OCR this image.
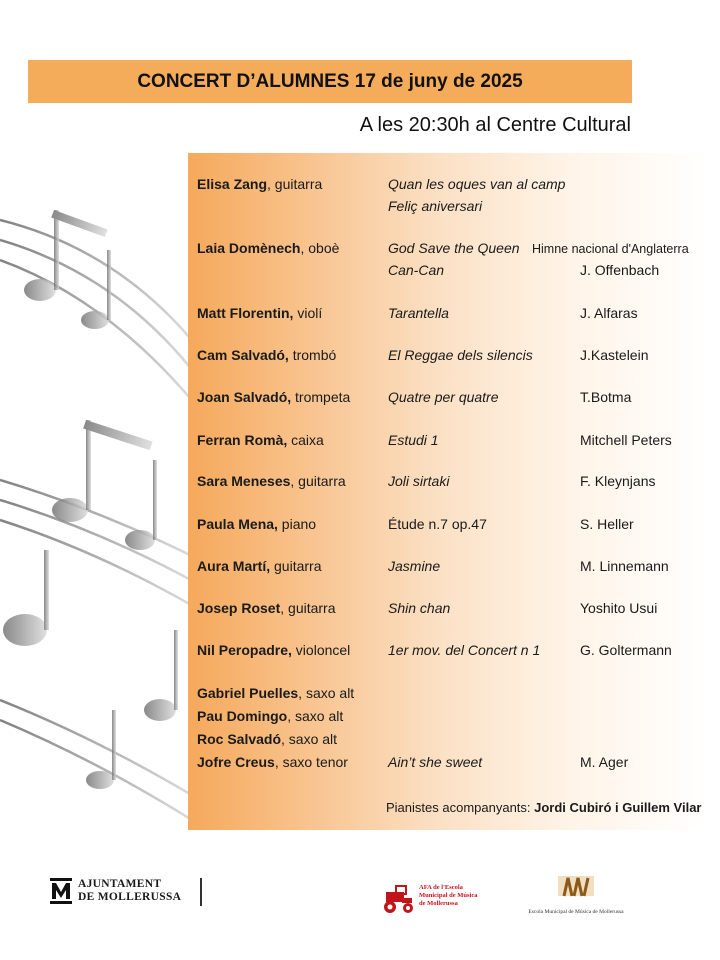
CONCERT D’ALUMNES 17 de juny de 2025
A les 20:30h al Centre Cultural
Elisa Zang, guitarra	Quan les oques van al camp
Feliç aniversari
Laia Domènech, oboè	God Save the Queen Himne nacional d'Anglaterra
Can-Can	J. Offenbach
Matt Florentin, violí	Tarantella	J. Alfaras
Cam Salvadó, trombó	El Reggae dels silencis	J.Kastelein
Joan Salvadó, trompeta	Quatre per quatre	T.Botma
Ferran Romà, caixa	Estudi 1	Mitchell Peters
Sara Meneses, guitarra	Joli sirtaki	F. Kleynjans
Paula Mena, piano	Étude n.7 op.47	S. Heller
Aura Martí, guitarra	Jasmine	M. Linnemann
Josep Roset, guitarra	Shin chan	Yoshito Usui
Nil Peropadre, violoncel	1er mov. del Concert n 1	G. Goltermann
Gabriel Puelles, saxo alt
Pau Domingo, saxo alt
Roc Salvadó, saxo alt
Jofre Creus, saxo tenor	Ain’t she sweet	M. Ager
Pianistes acompanyants: Jordi Cubiró i Guillem Vilar
AJUNTAMENT
DE MOLLERUSSA
AFA de l'Escola
Municipal de Música
de Mollerussa
Escola Municipal de Música de Mollerussa
